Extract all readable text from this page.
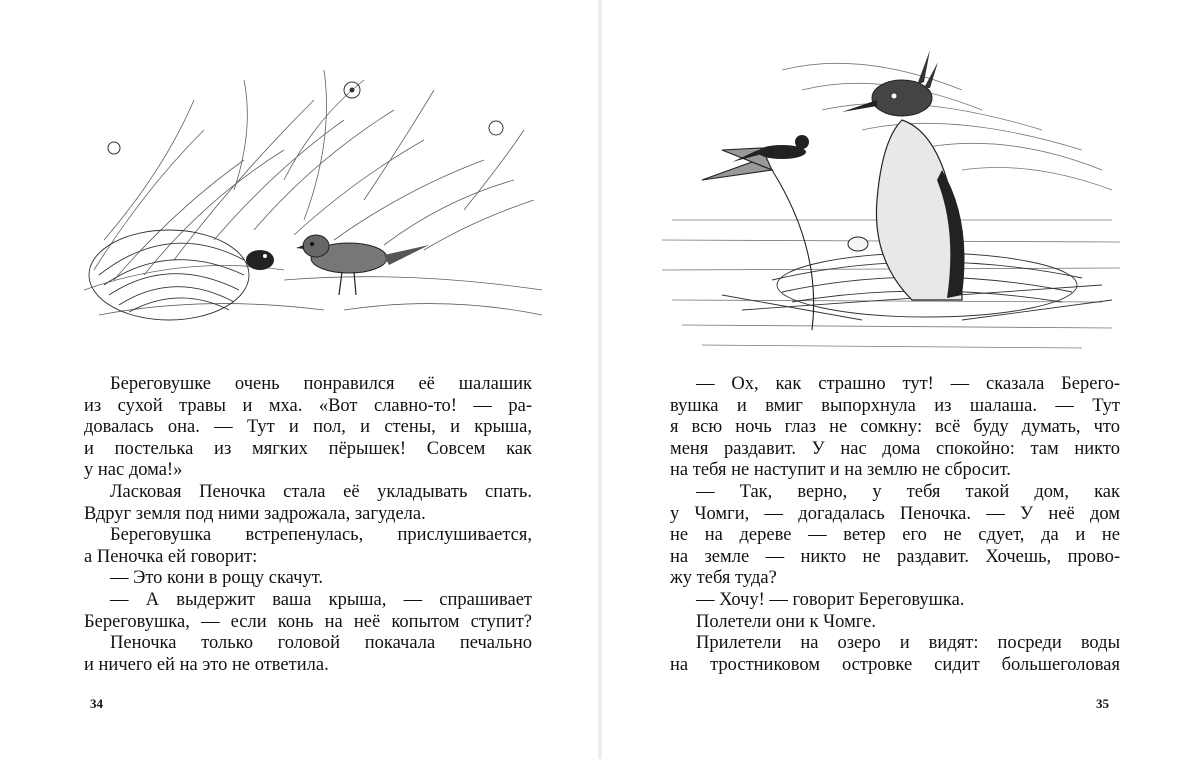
Береговушке очень понравился её шалашик
из сухой травы и мха. «Вот славно-то! — ра-
довалась она. — Тут и пол, и стены, и крыша,
и постелька из мягких пёрышек! Совсем как
у нас дома!»
Ласковая Пеночка стала её укладывать спать.
Вдруг земля под ними задрожала, загудела.
Береговушка встрепенулась, прислушивается,
а Пеночка ей говорит:
— Это кони в рощу скачут.
— А выдержит ваша крыша, — спрашивает
Береговушка, — если конь на неё копытом ступит?
Пеночка только головой покачала печально
и ничего ей на это не ответила.
34
— Ох, как страшно тут! — сказала Берего-
вушка и вмиг выпорхнула из шалаша. — Тут
я всю ночь глаз не сомкну: всё буду думать, что
меня раздавит. У нас дома спокойно: там никто
на тебя не наступит и на землю не сбросит.
— Так, верно, у тебя такой дом, как
у Чомги, — догадалась Пеночка. — У неё дом
не на дереве — ветер его не сдует, да и не
на земле — никто не раздавит. Хочешь, прово-
жу тебя туда?
— Хочу! — говорит Береговушка.
Полетели они к Чомге.
Прилетели на озеро и видят: посреди воды
на тростниковом островке сидит большеголовая
35
